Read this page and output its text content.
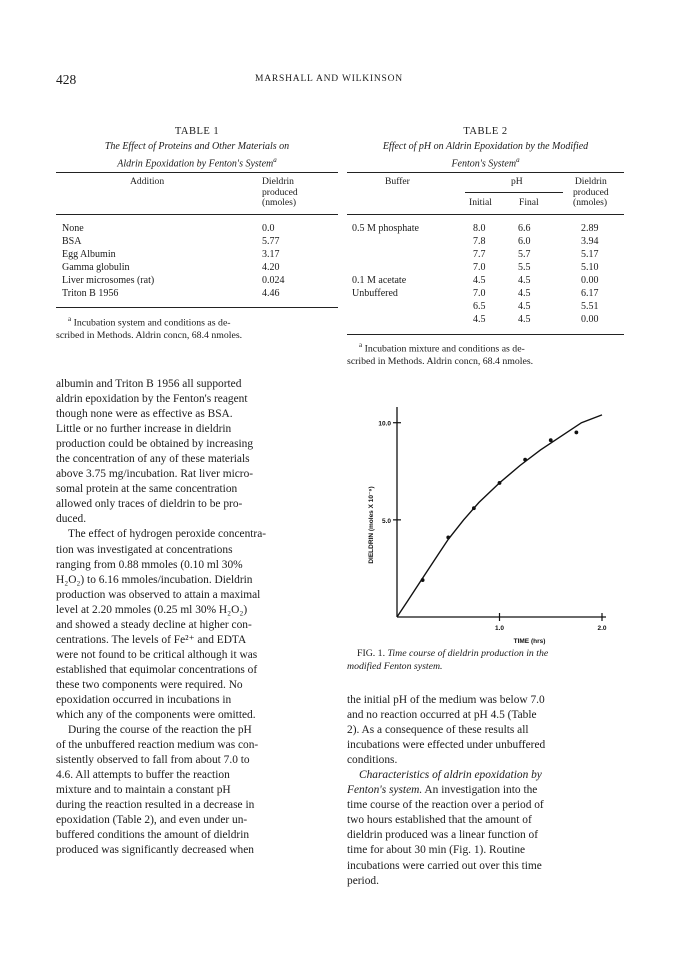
428	MARSHALL AND WILKINSON
TABLE 1
The Effect of Proteins and Other Materials on
Aldrin Epoxidation by Fenton's System$^a$
Addition	Dieldrin
produced
(nmoles)
None	0.0
BSA	5.77
Egg Albumin	3.17
Gamma globulin	4.20
Liver microsomes (rat)	0.024
Triton B 1956	4.46
$^a$ Incubation system and conditions as de-
scribed in Methods. Aldrin concn, 68.4 nmoles.
TABLE 2
Effect of pH on Aldrin Epoxidation by the Modified
Fenton's System$^a$
Buffer	pH
Initial	Final
Dieldrin
produced
(nmoles)
0.5 M phosphate	8.0	6.6	2.89
7.8	6.0	3.94
7.7	5.7	5.17
7.0	5.5	5.10
0.1 M acetate	4.5	4.5	0.00
Unbuffered	7.0	4.5	6.17
6.5	4.5	5.51
4.5	4.5	0.00
$^a$ Incubation mixture and conditions as de-
scribed in Methods. Aldrin concn, 68.4 nmoles.

albumin and Triton B 1956 all supported

aldrin epoxidation by the Fenton's reagent

though none were as effective as BSA.

Little or no further increase in dieldrin

production could be obtained by increasing

the concentration of any of these materials

above 3.75 mg/incubation. Rat liver micro-

somal protein at the same concentration

allowed only traces of dieldrin to be pro-

duced.

The effect of hydrogen peroxide concentra-

tion was investigated at concentrations

ranging from 0.88 mmoles (0.10 ml 30%

H₂O₂) to 6.16 mmoles/incubation. Dieldrin

production was observed to attain a maximal

level at 2.20 mmoles (0.25 ml 30% H₂O₂)

and showed a steady decline at higher con-

centrations. The levels of Fe²⁺ and EDTA

were not found to be critical although it was

established that equimolar concentrations of

these two components were required. No

epoxidation occurred in incubations in

which any of the components were omitted.

During the course of the reaction the pH

of the unbuffered reaction medium was con-

sistently observed to fall from about 7.0 to

4.6. All attempts to buffer the reaction

mixture and to maintain a constant pH

during the reaction resulted in a decrease in

epoxidation (Table 2), and even under un-

buffered conditions the amount of dieldrin

produced was significantly decreased when

5.0
10.0
1.0	2.0
TIME (hrs)
DIELDRIN (moles X 10⁻⁹)
FIG. 1. Time course of dieldrin production in the
modified Fenton system.

the initial pH of the medium was below 7.0

and no reaction occurred at pH 4.5 (Table

2). As a consequence of these results all

incubations were effected under unbuffered

conditions.

Characteristics of aldrin epoxidation by

Fenton's system. An investigation into the

time course of the reaction over a period of

two hours established that the amount of

dieldrin produced was a linear function of

time for about 30 min (Fig. 1). Routine

incubations were carried out over this time

period.
